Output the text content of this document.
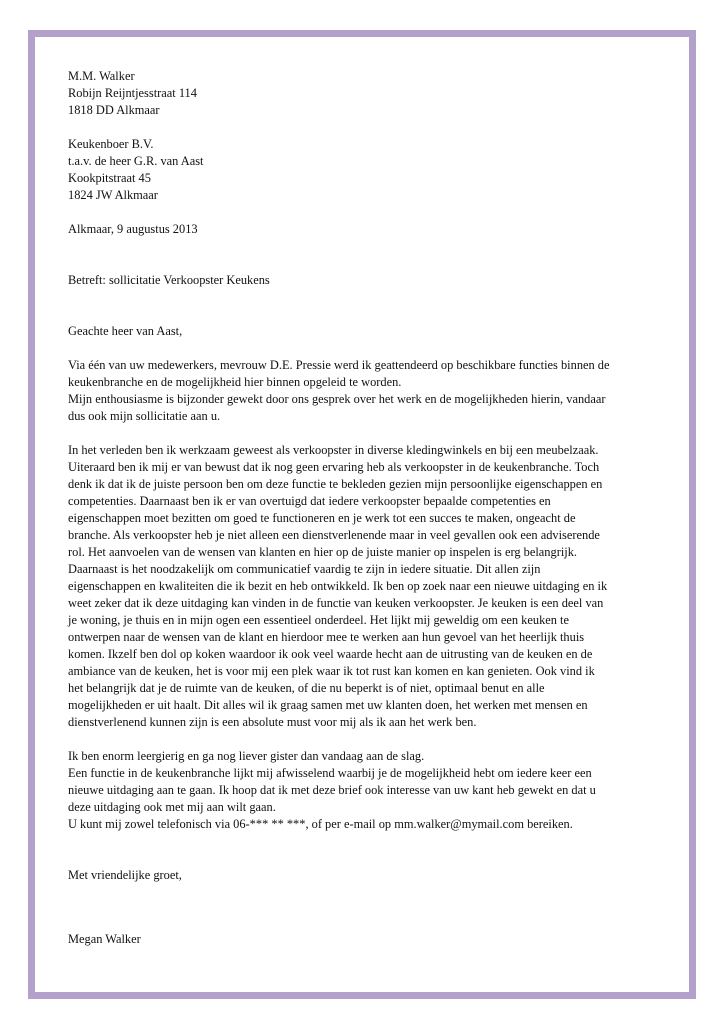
M.M. Walker
Robijn Reijntjesstraat 114
1818 DD Alkmaar
Keukenboer B.V.
t.a.v. de heer G.R. van Aast
Kookpitstraat 45
1824 JW Alkmaar
Alkmaar, 9 augustus 2013
Betreft: sollicitatie Verkoopster Keukens
Geachte heer van Aast,
Via één van uw medewerkers, mevrouw D.E. Pressie werd ik geattendeerd op beschikbare functies binnen de
keukenbranche en de mogelijkheid hier binnen opgeleid te worden.
Mijn enthousiasme is bijzonder gewekt door ons gesprek over het werk en de mogelijkheden hierin, vandaar
dus ook mijn sollicitatie aan u.
In het verleden ben ik werkzaam geweest als verkoopster in diverse kledingwinkels en bij een meubelzaak.
Uiteraard ben ik mij er van bewust dat ik nog geen ervaring heb als verkoopster in de keukenbranche. Toch
denk ik dat ik de juiste persoon ben om deze functie te bekleden gezien mijn persoonlijke eigenschappen en
competenties. Daarnaast ben ik er van overtuigd dat iedere verkoopster bepaalde competenties en
eigenschappen moet bezitten om goed te functioneren en je werk tot een succes te maken, ongeacht de
branche. Als verkoopster heb je niet alleen een dienstverlenende maar in veel gevallen ook een adviserende
rol. Het aanvoelen van de wensen van klanten en hier op de juiste manier op inspelen is erg belangrijk.
Daarnaast is het noodzakelijk om communicatief vaardig te zijn in iedere situatie. Dit allen zijn
eigenschappen en kwaliteiten die ik bezit en heb ontwikkeld. Ik ben op zoek naar een nieuwe uitdaging en ik
weet zeker dat ik deze uitdaging kan vinden in de functie van keuken verkoopster. Je keuken is een deel van
je woning, je thuis en in mijn ogen een essentieel onderdeel. Het lijkt mij geweldig om een keuken te
ontwerpen naar de wensen van de klant en hierdoor mee te werken aan hun gevoel van het heerlijk thuis
komen. Ikzelf ben dol op koken waardoor ik ook veel waarde hecht aan de uitrusting van de keuken en de
ambiance van de keuken, het is voor mij een plek waar ik tot rust kan komen en kan genieten. Ook vind ik
het belangrijk dat je de ruimte van de keuken, of die nu beperkt is of niet, optimaal benut en alle
mogelijkheden er uit haalt. Dit alles wil ik graag samen met uw klanten doen, het werken met mensen en
dienstverlenend kunnen zijn is een absolute must voor mij als ik aan het werk ben.
Ik ben enorm leergierig en ga nog liever gister dan vandaag aan de slag.
Een functie in de keukenbranche lijkt mij afwisselend waarbij je de mogelijkheid hebt om iedere keer een
nieuwe uitdaging aan te gaan. Ik hoop dat ik met deze brief ook interesse van uw kant heb gewekt en dat u
deze uitdaging ook met mij aan wilt gaan.
U kunt mij zowel telefonisch via 06-*** ** ***, of per e-mail op mm.walker@mymail.com bereiken.
Met vriendelijke groet,
Megan Walker
